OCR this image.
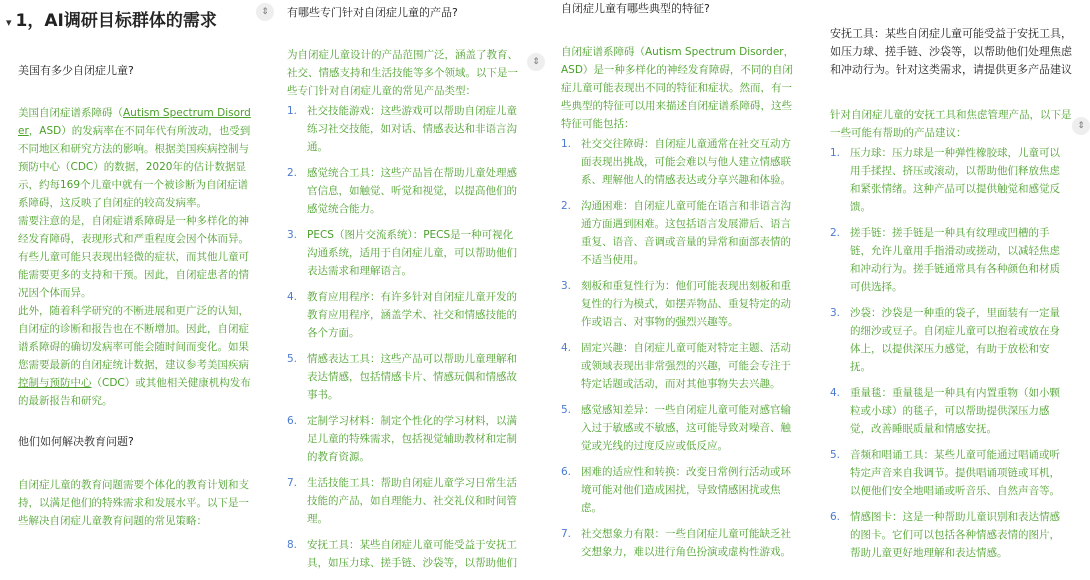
▾ 1，AI调研目标群体的需求	⇕
美国有多少自闭症儿童?
美国自闭症谱系障碍（Autism Spectrum Disorder，ASD）的发病率在不同年代有所波动，也受到不同地区和研究方法的影响。根据美国疾病控制与预防中心（CDC）的数据，2020年的估计数据显示，约每169个儿童中就有一个被诊断为自闭症谱系障碍，这反映了自闭症的较高发病率。
需要注意的是，自闭症谱系障碍是一种多样化的神经发育障碍，表现形式和严重程度会因个体而异。有些儿童可能只表现出轻微的症状，而其他儿童可能需要更多的支持和干预。因此，自闭症患者的情况因个体而异。
此外，随着科学研究的不断进展和更广泛的认知，自闭症的诊断和报告也在不断增加。因此，自闭症谱系障碍的确切发病率可能会随时间而变化。如果您需要最新的自闭症统计数据，建议参考美国疾病控制与预防中心（CDC）或其他相关健康机构发布的最新报告和研究。
他们如何解决教育问题?
自闭症儿童的教育问题需要个体化的教育计划和支持，以满足他们的特殊需求和发展水平。以下是一些解决自闭症儿童教育问题的常见策略：
有哪些专门针对自闭症儿童的产品?
为自闭症儿童设计的产品范围广泛，涵盖了教育、社交、情感支持和生活技能等多个领域。以下是一些专门针对自闭症儿童的常见产品类型：
1. 社交技能游戏：这些游戏可以帮助自闭症儿童练习社交技能，如对话、情感表达和非语言沟通。
2. 感觉统合工具：这些产品旨在帮助儿童处理感官信息，如触觉、听觉和视觉，以提高他们的感觉统合能力。
3. PECS（图片交流系统）：PECS是一种可视化沟通系统，适用于自闭症儿童，可以帮助他们表达需求和理解语言。
4. 教育应用程序：有许多针对自闭症儿童开发的教育应用程序，涵盖学术、社交和情感技能的各个方面。
5. 情感表达工具：这些产品可以帮助儿童理解和表达情感，包括情感卡片、情感玩偶和情感故事书。
6. 定制学习材料：制定个性化的学习材料，以满足儿童的特殊需求，包括视觉辅助教材和定制的教育资源。
7. 生活技能工具：帮助自闭症儿童学习日常生活技能的产品，如自理能力、社交礼仪和时间管理。
8. 安抚工具：某些自闭症儿童可能受益于安抚工具，如压力球、搓手链、沙袋等，以帮助他们
⇕
自闭症儿童有哪些典型的特征?
自闭症谱系障碍（Autism Spectrum Disorder，ASD）是一种多样化的神经发育障碍，不同的自闭症儿童可能表现出不同的特征和症状。然而，有一些典型的特征可以用来描述自闭症谱系障碍，这些特征可能包括：
1. 社交交往障碍：自闭症儿童通常在社交互动方面表现出挑战，可能会难以与他人建立情感联系、理解他人的情感表达或分享兴趣和体验。
2. 沟通困难：自闭症儿童可能在语言和非语言沟通方面遇到困难。这包括语言发展滞后、语言重复、语音、音调或音量的异常和面部表情的不适当使用。
3. 刻板和重复性行为：他们可能表现出刻板和重复性的行为模式，如摆弄物品、重复特定的动作或语言、对事物的强烈兴趣等。
4. 固定兴趣：自闭症儿童可能对特定主题、活动或领域表现出非常强烈的兴趣，可能会专注于特定话题或活动，而对其他事物失去兴趣。
5. 感觉感知差异：一些自闭症儿童可能对感官输入过于敏感或不敏感，这可能导致对噪音、触觉或光线的过度反应或低反应。
6. 困难的适应性和转换：改变日常例行活动或环境可能对他们造成困扰，导致情感困扰或焦虑。
7. 社交想象力有限：一些自闭症儿童可能缺乏社交想象力，难以进行角色扮演或虚构性游戏。
安抚工具：某些自闭症儿童可能受益于安抚工具，如压力球、搓手链、沙袋等，以帮助他们处理焦虑和冲动行为。针对这类需求，请提供更多产品建议
针对自闭症儿童的安抚工具和焦虑管理产品，以下是一些可能有帮助的产品建议：
1. 压力球：压力球是一种弹性橡胶球，儿童可以用手揉捏、挤压或滚动，以帮助他们释放焦虑和紧张情绪。这种产品可以提供触觉和感觉反馈。
2. 搓手链：搓手链是一种具有纹理或凹槽的手链，允许儿童用手指滑动或搓动，以减轻焦虑和冲动行为。搓手链通常具有各种颜色和材质可供选择。
3. 沙袋：沙袋是一种重的袋子，里面装有一定量的细沙或豆子。自闭症儿童可以抱着或放在身体上，以提供深压力感觉，有助于放松和安抚。
4. 重量毯：重量毯是一种具有内置重物（如小颗粒或小球）的毯子，可以帮助提供深压力感觉，改善睡眠质量和情感安抚。
5. 音频和唱诵工具：某些儿童可能通过唱诵或听特定声音来自我调节。提供唱诵项链或耳机，以便他们安全地唱诵或听音乐、自然声音等。
6. 情感图卡：这是一种帮助儿童识别和表达情感的图卡。它们可以包括各种情感表情的图片，帮助儿童更好地理解和表达情感。
⇕
